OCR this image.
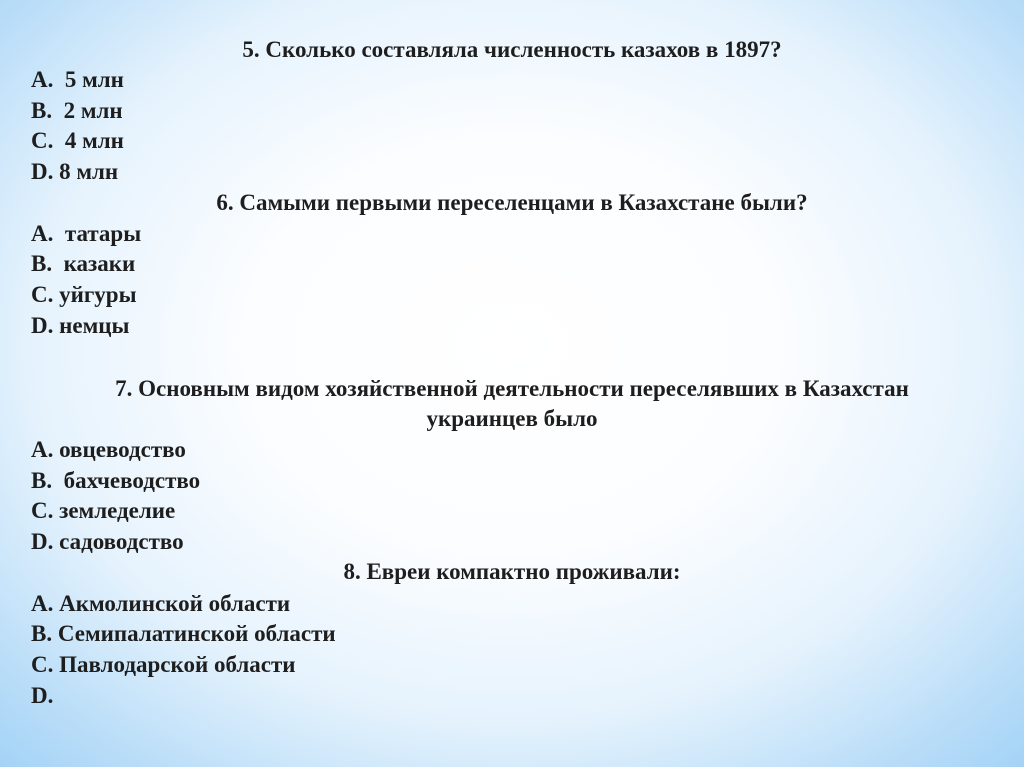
5. Сколько составляла численность казахов в 1897?
A.  5 млн
B.  2 млн
C.  4 млн
D. 8 млн
6. Самыми первыми переселенцами в Казахстане были?
A.  татары
B.  казаки
C. уйгуры
D. немцы
7. Основным видом хозяйственной деятельности переселявших в Казахстан
украинцев было
A. овцеводство
B.  бахчеводство
C. земледелие
D. садоводство
8. Евреи компактно проживали:
A. Акмолинской области
B. Семипалатинской области
C. Павлодарской области
D.
